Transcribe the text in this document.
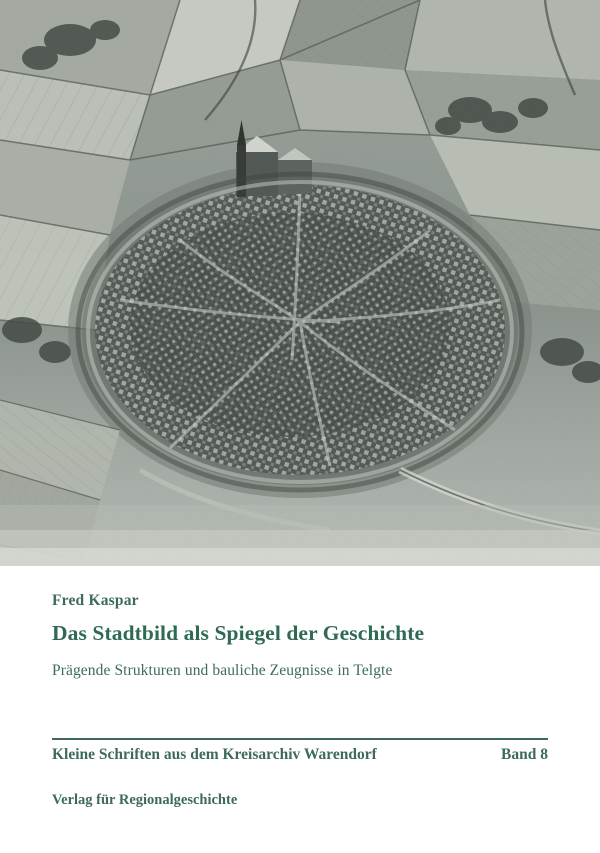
Fred Kaspar
Das Stadtbild als Spiegel der Geschichte
Prägende Strukturen und bauliche Zeugnisse in Telgte
Kleine Schriften aus dem Kreisarchiv Warendorf	Band 8
Verlag für Regionalgeschichte
